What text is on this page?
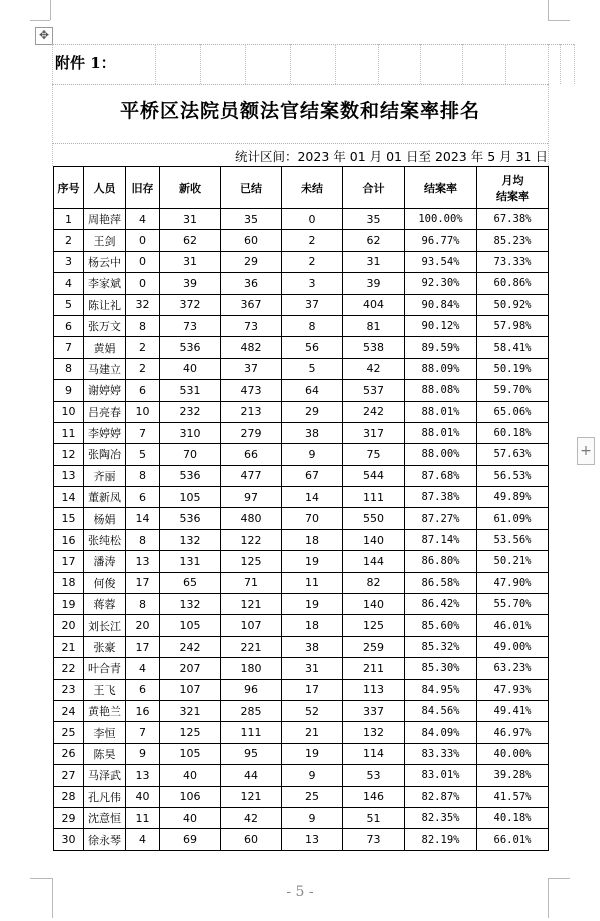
✥
附件 1：
平桥区法院员额法官结案数和结案率排名
统计区间：2023 年 01 月 01 日至 2023 年 5 月 31 日
序号	人员	旧存	新收	已结	未结	合计	结案率	月均
结案率

1	周艳萍	4	31	35	0	35	100.00%	67.38%
2	王剑	0	62	60	2	62	96.77%	85.23%
3	杨云中	0	31	29	2	31	93.54%	73.33%
4	李家斌	0	39	36	3	39	92.30%	60.86%
5	陈让礼	32	372	367	37	404	90.84%	50.92%
6	张万文	8	73	73	8	81	90.12%	57.98%
7	黄娟	2	536	482	56	538	89.59%	58.41%
8	马建立	2	40	37	5	42	88.09%	50.19%
9	谢婷婷	6	531	473	64	537	88.08%	59.70%
10	吕亮春	10	232	213	29	242	88.01%	65.06%
11	李婷婷	7	310	279	38	317	88.01%	60.18%
12	张陶冶	5	70	66	9	75	88.00%	57.63%
13	齐丽	8	536	477	67	544	87.68%	56.53%
14	董新凤	6	105	97	14	111	87.38%	49.89%
15	杨娟	14	536	480	70	550	87.27%	61.09%
16	张纯松	8	132	122	18	140	87.14%	53.56%
17	潘涛	13	131	125	19	144	86.80%	50.21%
18	何俊	17	65	71	11	82	86.58%	47.90%
19	蒋蓉	8	132	121	19	140	86.42%	55.70%
20	刘长江	20	105	107	18	125	85.60%	46.01%
21	张豪	17	242	221	38	259	85.32%	49.00%
22	叶合青	4	207	180	31	211	85.30%	63.23%
23	王飞	6	107	96	17	113	84.95%	47.93%
24	黄艳兰	16	321	285	52	337	84.56%	49.41%
25	李恒	7	125	111	21	132	84.09%	46.97%
26	陈昊	9	105	95	19	114	83.33%	40.00%
27	马泽武	13	40	44	9	53	83.01%	39.28%
28	孔凡伟	40	106	121	25	146	82.87%	41.57%
29	沈意恒	11	40	42	9	51	82.35%	40.18%
30	徐永琴	4	69	60	13	73	82.19%	66.01%
+
- 5 -
